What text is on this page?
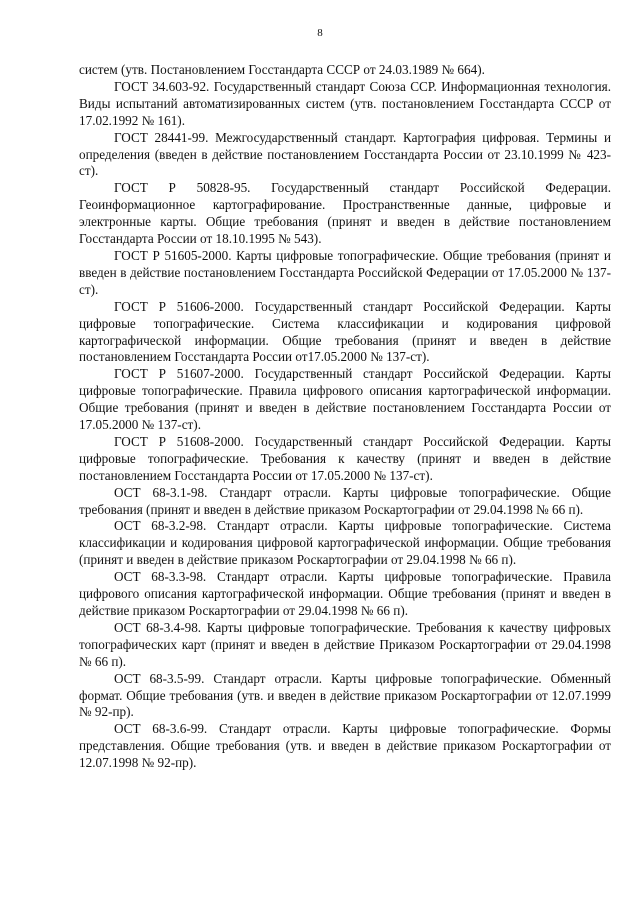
8

систем (утв. Постановлением Госстандарта СССР от 24.03.1989 № 664).

ГОСТ 34.603-92. Государственный стандарт Союза ССР. Информационная технология. Виды испытаний автоматизированных систем (утв. постановлением Госстандарта СССР от 17.02.1992 № 161).

ГОСТ 28441-99. Межгосударственный стандарт. Картография цифровая. Термины и определения (введен в действие постановлением Госстандарта России от 23.10.1999 № 423-ст).

ГОСТ Р 50828-95. Государственный стандарт Российской Федерации. Геоинформационное картографирование. Пространственные данные, цифровые и электронные карты. Общие требования (принят и введен в действие постановлением Госстандарта России от 18.10.1995 № 543).

ГОСТ Р 51605-2000. Карты цифровые топографические. Общие требования (принят и введен в действие постановлением Госстандарта Российской Федерации от 17.05.2000 № 137-ст).

ГОСТ Р 51606-2000. Государственный стандарт Российской Федерации. Карты цифровые топографические. Система классификации и кодирования цифровой картографической информации. Общие требования (принят и введен в действие постановлением Госстандарта России от17.05.2000 № 137-ст).

ГОСТ Р 51607-2000. Государственный стандарт Российской Федерации. Карты цифровые топографические. Правила цифрового описания картографической информации. Общие требования (принят и введен в действие постановлением Госстандарта России от 17.05.2000 № 137-ст).

ГОСТ Р 51608-2000. Государственный стандарт Российской Федерации. Карты цифровые топографические. Требования к качеству (принят и введен в действие постановлением Госстандарта России от 17.05.2000 № 137-ст).

ОСТ 68-3.1-98. Стандарт отрасли. Карты цифровые топографические. Общие требования (принят и введен в действие приказом Роскартографии от 29.04.1998 № 66 п).

ОСТ 68-3.2-98. Стандарт отрасли. Карты цифровые топографические. Система классификации и кодирования цифровой картографической информации. Общие требования (принят и введен в действие приказом Роскартографии от 29.04.1998 № 66 п).

ОСТ 68-3.3-98. Стандарт отрасли. Карты цифровые топографические. Правила цифрового описания картографической информации. Общие требования (принят и введен в действие приказом Роскартографии от 29.04.1998 № 66 п).

ОСТ 68-3.4-98. Карты цифровые топографические. Требования к качеству цифровых топографических карт (принят и введен в действие Приказом Роскартографии от 29.04.1998 № 66 п).

ОСТ 68-3.5-99. Стандарт отрасли. Карты цифровые топографические. Обменный формат. Общие требования (утв. и введен в действие приказом Роскартографии от 12.07.1999 № 92-пр).

ОСТ 68-3.6-99. Стандарт отрасли. Карты цифровые топографические. Формы представления. Общие требования (утв. и введен в действие приказом Роскартографии от 12.07.1998 № 92-пр).
